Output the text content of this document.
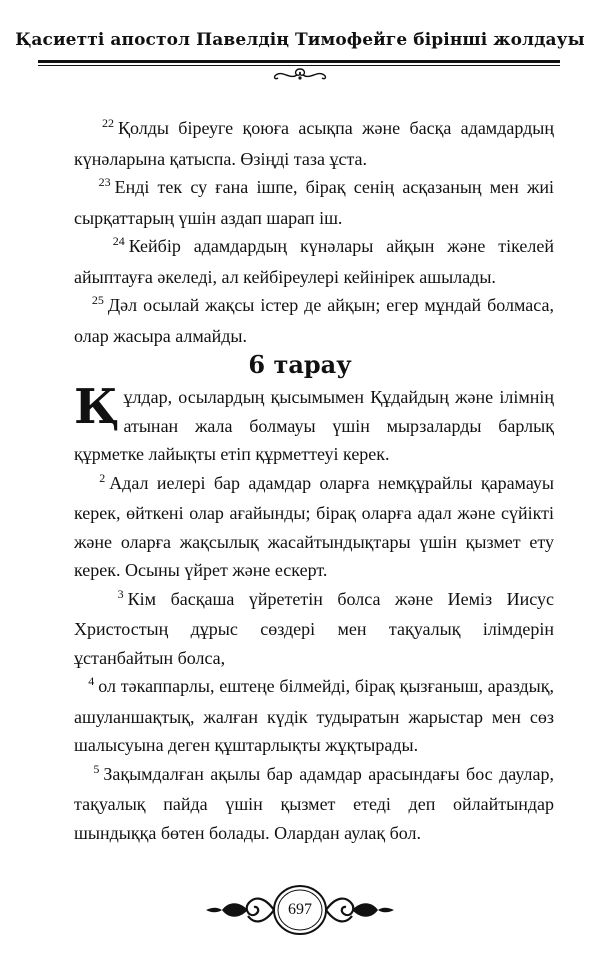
Қасиетті апостол Павелдің Тимофейге бірінші жолдауы

$^{22}$ Қолды біреуге қоюға асықпа және басқа адамдардың күнәларына қатыспа. Өзіңді таза ұста.

$^{23}$ Енді тек су ғана ішпе, бірақ сенің асқазаның мен жиі сырқаттарың үшін аздап шарап іш.

$^{24}$ Кейбір адамдардың күнәлары айқын және тікелей айыптауға әкеледі, ал кейбіреулері кейінірек ашылады.

$^{25}$ Дәл осылай жақсы істер де айқын; егер мұндай болмаса, олар жасыра алмайды.

6 тарау

Құлдар, осылардың қысымымен Құдайдың және ілімнің атынан жала болмауы үшін мырзаларды барлық құрметке лайықты етіп құрметтеуі керек.

$^2$ Адал иелері бар адамдар оларға немқұрайлы қарамауы керек, өйткені олар ағайынды; бірақ оларға адал және сүйікті және оларға жақсылық жасайтындықтары үшін қызмет ету керек. Осыны үйрет және ескерт.

$^3$ Кім басқаша үйрететін болса және Иеміз Иисус Христостың дұрыс сөздері мен тақуалық ілімдерін ұстанбайтын болса,

$^4$ ол тәкаппарлы, ештеңе білмейді, бірақ қызғаныш, араздық, ашуланшақтық, жалған күдік тудыратын жарыстар мен сөз шалысуына деген құштарлықты жұқтырады.

$^5$ Зақымдалған ақылы бар адамдар арасындағы бос даулар, тақуалық пайда үшін қызмет етеді деп ойлайтындар шындыққа бөтен болады. Олардан аулақ бол.

697
